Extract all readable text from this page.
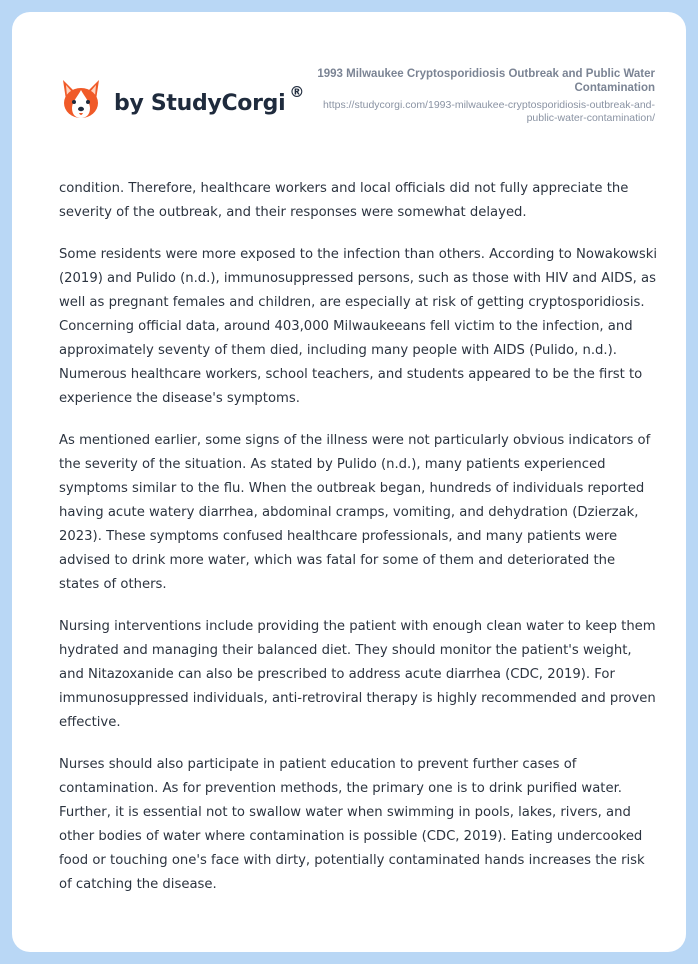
by StudyCorgi ®
1993 Milwaukee Cryptosporidiosis Outbreak and Public Water Contamination
https://studycorgi.com/1993-milwaukee-cryptosporidiosis-outbreak-and-public-water-contamination/

condition. Therefore, healthcare workers and local officials did not fully appreciate the severity of the outbreak, and their responses were somewhat delayed.

Some residents were more exposed to the infection than others. According to Nowakowski (2019) and Pulido (n.d.), immunosuppressed persons, such as those with HIV and AIDS, as well as pregnant females and children, are especially at risk of getting cryptosporidiosis. Concerning official data, around 403,000 Milwaukeeans fell victim to the infection, and approximately seventy of them died, including many people with AIDS (Pulido, n.d.). Numerous healthcare workers, school teachers, and students appeared to be the first to experience the disease's symptoms.

As mentioned earlier, some signs of the illness were not particularly obvious indicators of the severity of the situation. As stated by Pulido (n.d.), many patients experienced symptoms similar to the flu. When the outbreak began, hundreds of individuals reported having acute watery diarrhea, abdominal cramps, vomiting, and dehydration (Dzierzak, 2023). These symptoms confused healthcare professionals, and many patients were advised to drink more water, which was fatal for some of them and deteriorated the states of others.

Nursing interventions include providing the patient with enough clean water to keep them hydrated and managing their balanced diet. They should monitor the patient's weight, and Nitazoxanide can also be prescribed to address acute diarrhea (CDC, 2019). For immunosuppressed individuals, anti-retroviral therapy is highly recommended and proven effective.

Nurses should also participate in patient education to prevent further cases of contamination. As for prevention methods, the primary one is to drink purified water. Further, it is essential not to swallow water when swimming in pools, lakes, rivers, and other bodies of water where contamination is possible (CDC, 2019). Eating undercooked food or touching one's face with dirty, potentially contaminated hands increases the risk of catching the disease.
